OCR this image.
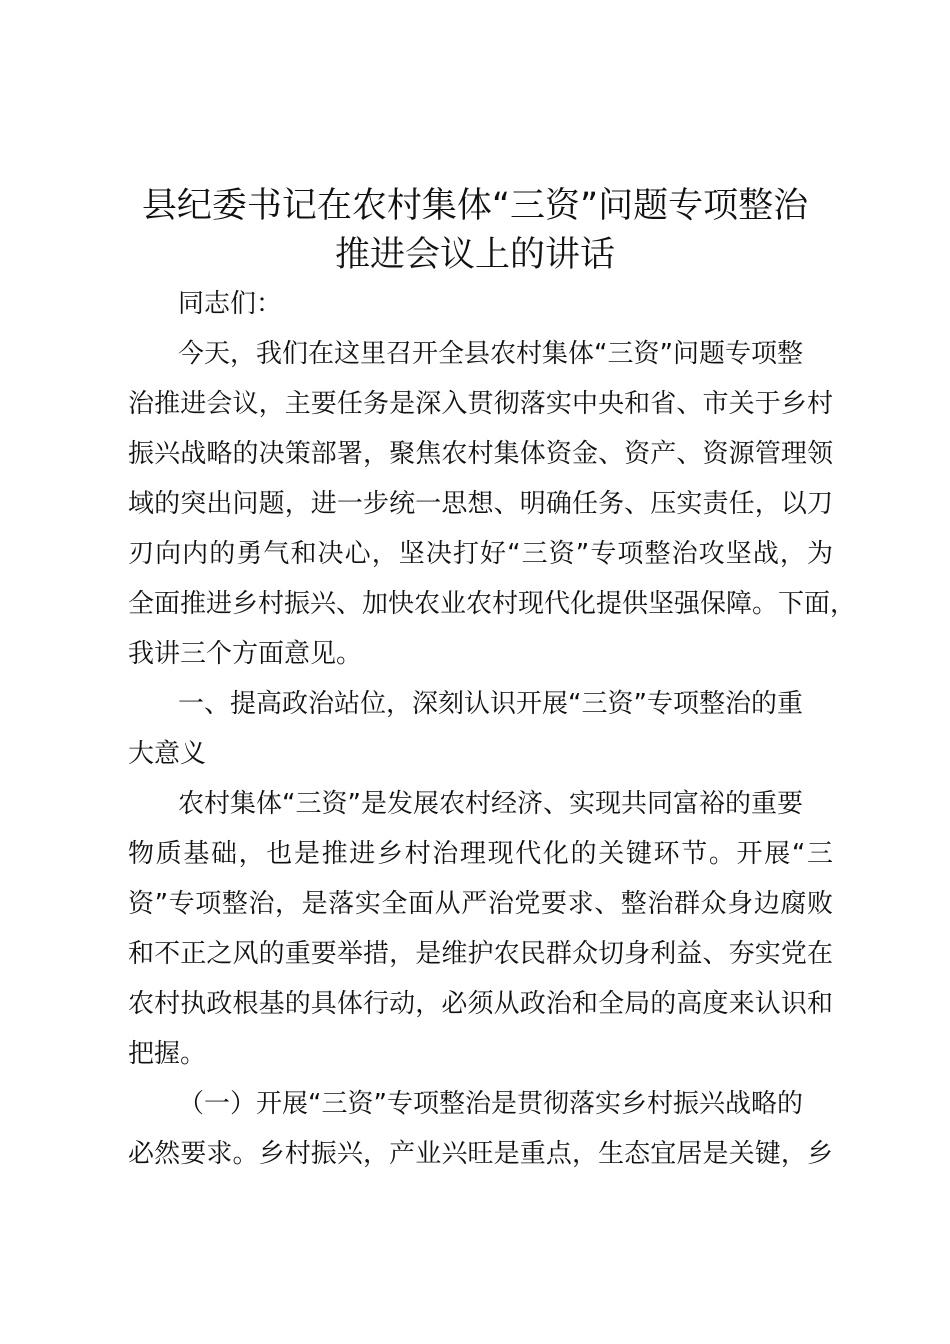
县纪委书记在农村集体“三资”问题专项整治
推进会议上的讲话
同志们：
今天，我们在这里召开全县农村集体“三资”问题专项整
治推进会议，主要任务是深入贯彻落实中央和省、市关于乡村
振兴战略的决策部署，聚焦农村集体资金、资产、资源管理领
域的突出问题，进一步统一思想、明确任务、压实责任，以刀
刃向内的勇气和决心，坚决打好“三资”专项整治攻坚战，为
全面推进乡村振兴、加快农业农村现代化提供坚强保障。下面，
我讲三个方面意见。
一、提高政治站位，深刻认识开展“三资”专项整治的重
大意义
农村集体“三资”是发展农村经济、实现共同富裕的重要
物质基础，也是推进乡村治理现代化的关键环节。开展“三
资”专项整治，是落实全面从严治党要求、整治群众身边腐败
和不正之风的重要举措，是维护农民群众切身利益、夯实党在
农村执政根基的具体行动，必须从政治和全局的高度来认识和
把握。
（一）开展“三资”专项整治是贯彻落实乡村振兴战略的
必然要求。乡村振兴，产业兴旺是重点，生态宜居是关键，乡
